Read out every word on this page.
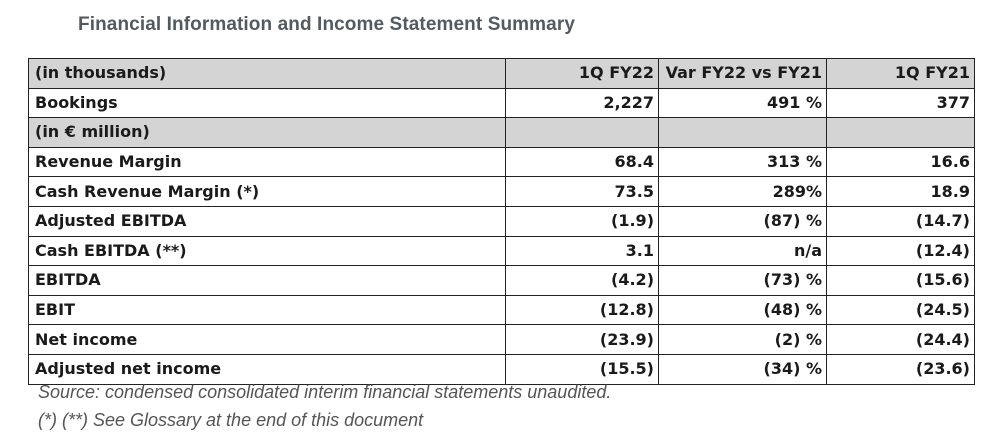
Financial Information and Income Statement Summary
(in thousands)	1Q FY22	Var FY22 vs FY21	1Q FY21
Bookings	2,227	491 %	377
(in € million)			
Revenue Margin	68.4	313 %	16.6
Cash Revenue Margin (*)	73.5	289%	18.9
Adjusted EBITDA	(1.9)	(87) %	(14.7)
Cash EBITDA (**)	3.1	n/a	(12.4)
EBITDA	(4.2)	(73) %	(15.6)
EBIT	(12.8)	(48) %	(24.5)
Net income	(23.9)	(2) %	(24.4)
Adjusted net income	(15.5)	(34) %	(23.6)
Source: condensed consolidated interim financial statements unaudited.
(*) (**) See Glossary at the end of this document
